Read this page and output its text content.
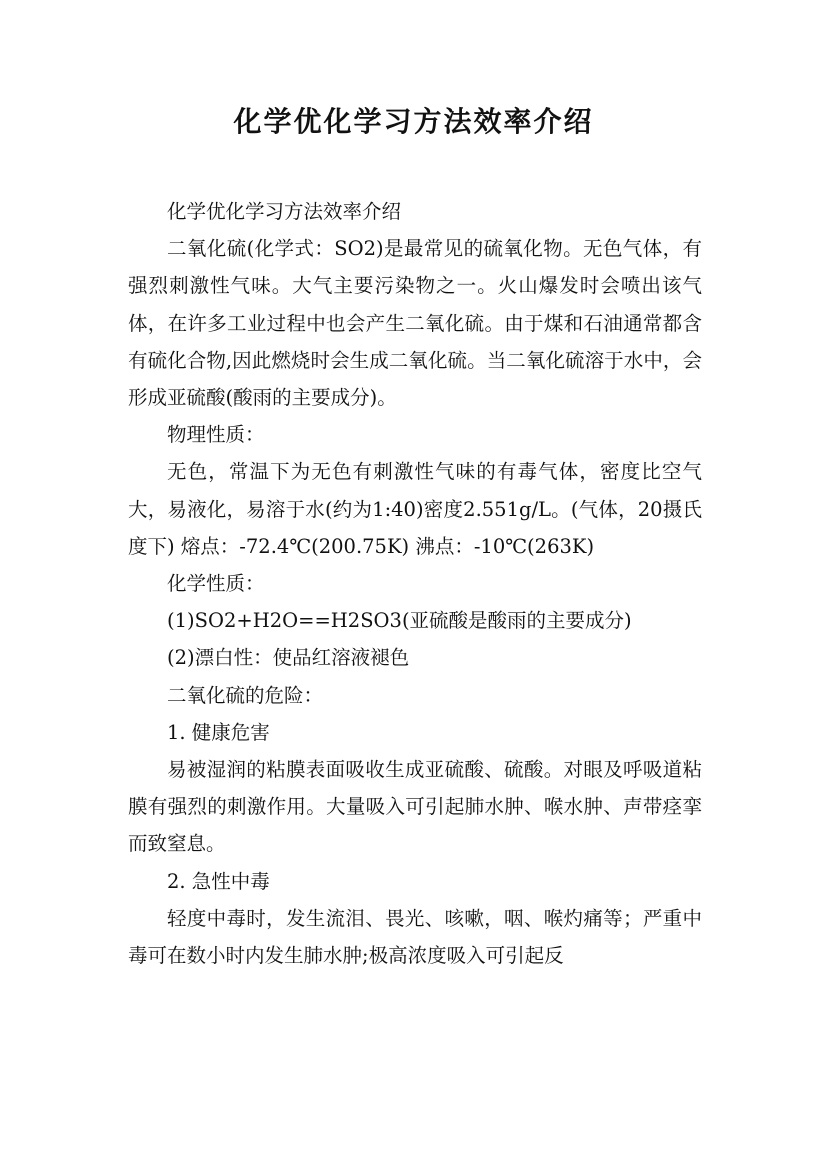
化学优化学习方法效率介绍

化学优化学习方法效率介绍

二氧化硫(化学式：SO2)是最常见的硫氧化物。无色气体，有强烈刺激性气味。大气主要污染物之一。火山爆发时会喷出该气体，在许多工业过程中也会产生二氧化硫。由于煤和石油通常都含有硫化合物,因此燃烧时会生成二氧化硫。当二氧化硫溶于水中，会形成亚硫酸(酸雨的主要成分)。

物理性质：

无色，常温下为无色有刺激性气味的有毒气体，密度比空气大，易液化，易溶于水(约为1:40)密度2.551g/L。(气体，20摄氏度下) 熔点：-72.4℃(200.75K) 沸点：-10℃(263K)

化学性质：

(1)SO2+H2O==H2SO3(亚硫酸是酸雨的主要成分)

(2)漂白性：使品红溶液褪色

二氧化硫的危险：

1. 健康危害

易被湿润的粘膜表面吸收生成亚硫酸、硫酸。对眼及呼吸道粘膜有强烈的刺激作用。大量吸入可引起肺水肿、喉水肿、声带痉挛而致窒息。

2. 急性中毒

轻度中毒时，发生流泪、畏光、咳嗽，咽、喉灼痛等；严重中毒可在数小时内发生肺水肿;极高浓度吸入可引起反
